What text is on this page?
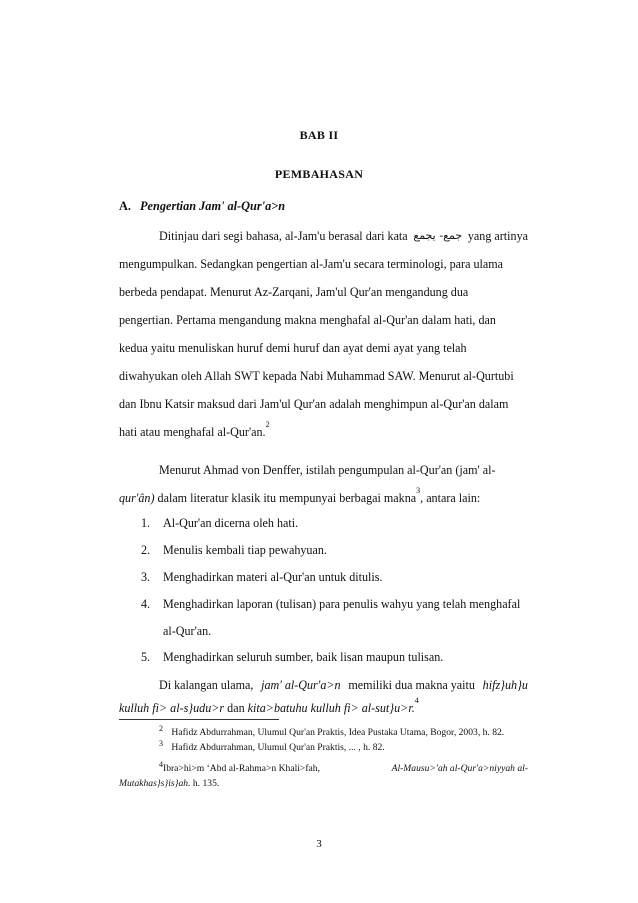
BAB II
PEMBAHASAN
A. Pengertian Jam' al-Qur'a>n
Ditinjau dari segi bahasa, al-Jam'u berasal dari kata جمع- يجمع yang artinya
mengumpulkan. Sedangkan pengertian al-Jam'u secara terminologi, para ulama
berbeda pendapat. Menurut Az-Zarqani, Jam'ul Qur'an mengandung dua
pengertian. Pertama mengandung makna menghafal al-Qur'an dalam hati, dan
kedua yaitu menuliskan huruf demi huruf dan ayat demi ayat yang telah
diwahyukan oleh Allah SWT kepada Nabi Muhammad SAW. Menurut al-Qurtubi
dan Ibnu Katsir maksud dari Jam'ul Qur'an adalah menghimpun al-Qur'an dalam
hati atau menghafal al-Qur'an.
2
Menurut Ahmad von Denffer, istilah pengumpulan al-Qur'an (jam' al-
qur'ân) dalam literatur klasik itu mempunyai berbagai makna
3
, antara lain:
1. Al-Qur'an dicerna oleh hati.
2. Menulis kembali tiap pewahyuan.
3. Menghadirkan materi al-Qur'an untuk ditulis.
4. Menghadirkan laporan (tulisan) para penulis wahyu yang telah menghafal
al-Qur'an.
5. Menghadirkan seluruh sumber, baik lisan maupun tulisan.
Di kalangan ulama, jam' al-Qur'a>n memiliki dua makna yaitu hifz}uh}u
kulluh fi> al-s}udu>r dan kita>batuhu kulluh fi> al-sut}u>r.
4
$^2$ Hafidz Abdurrahman, Ulumul Qur'an Praktis, Idea Pustaka Utama, Bogor, 2003, h. 82.
$^3$ Hafidz Abdurrahman, Ulumul Qur'an Praktis, ... , h. 82.
$^4$Ibra>hi>m ‘Abd al-Rahma>n Khali>fah,	Al-Mausu>'ah al-Qur'a>niyyah al-
Mutakhas}s}is}ah. h. 135.
3
